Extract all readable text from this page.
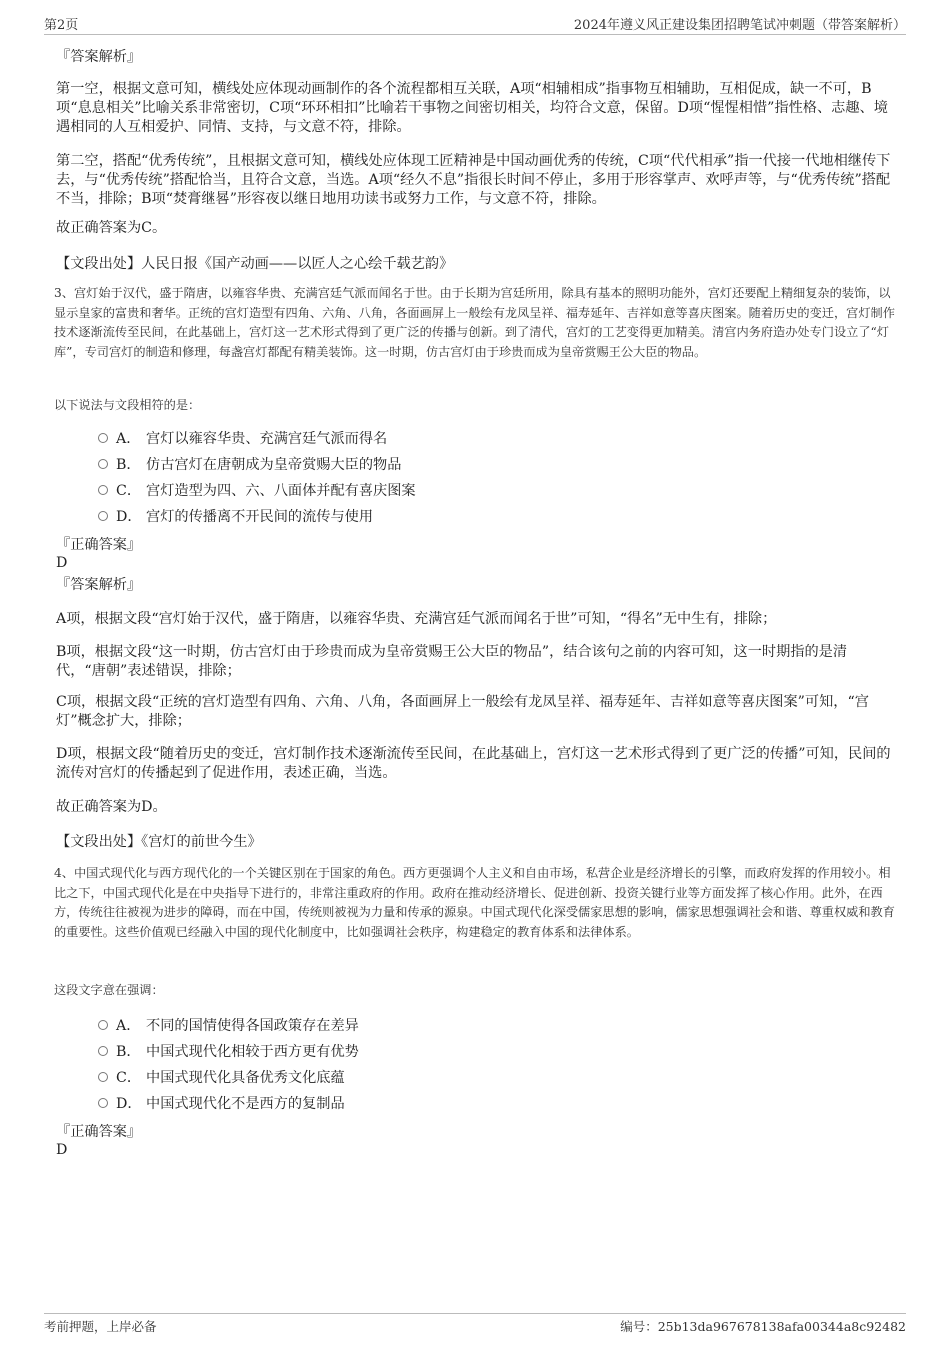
第2页	2024年遵义风正建设集团招聘笔试冲刺题（带答案解析）
『答案解析』
第一空，根据文意可知，横线处应体现动画制作的各个流程都相互关联，A项“相辅相成”指事物互相辅助，互相促成，缺一不可，B项“息息相关”比喻关系非常密切，C项“环环相扣”比喻若干事物之间密切相关，均符合文意，保留。D项“惺惺相惜”指性格、志趣、境遇相同的人互相爱护、同情、支持，与文意不符，排除。
第二空，搭配“优秀传统”，且根据文意可知，横线处应体现工匠精神是中国动画优秀的传统，C项“代代相承”指一代接一代地相继传下去，与“优秀传统”搭配恰当，且符合文意，当选。A项“经久不息”指很长时间不停止，多用于形容掌声、欢呼声等，与“优秀传统”搭配不当，排除；B项“焚膏继晷”形容夜以继日地用功读书或努力工作，与文意不符，排除。
故正确答案为C。
【文段出处】人民日报《国产动画——以匠人之心绘千载艺韵》
3、宫灯始于汉代，盛于隋唐，以雍容华贵、充满宫廷气派而闻名于世。由于长期为宫廷所用，除具有基本的照明功能外，宫灯还要配上精细复杂的装饰，以显示皇家的富贵和奢华。正统的宫灯造型有四角、六角、八角，各面画屏上一般绘有龙凤呈祥、福寿延年、吉祥如意等喜庆图案。随着历史的变迁，宫灯制作技术逐渐流传至民间，在此基础上，宫灯这一艺术形式得到了更广泛的传播与创新。到了清代，宫灯的工艺变得更加精美。清宫内务府造办处专门设立了“灯库”，专司宫灯的制造和修理，每盏宫灯都配有精美装饰。这一时期，仿古宫灯由于珍贵而成为皇帝赏赐王公大臣的物品。
以下说法与文段相符的是：
A． 宫灯以雍容华贵、充满宫廷气派而得名
B． 仿古宫灯在唐朝成为皇帝赏赐大臣的物品
C． 宫灯造型为四、六、八面体并配有喜庆图案
D． 宫灯的传播离不开民间的流传与使用
『正确答案』
D
『答案解析』
A项，根据文段“宫灯始于汉代，盛于隋唐，以雍容华贵、充满宫廷气派而闻名于世”可知，“得名”无中生有，排除；
B项，根据文段“这一时期，仿古宫灯由于珍贵而成为皇帝赏赐王公大臣的物品”，结合该句之前的内容可知，这一时期指的是清代，“唐朝”表述错误，排除；
C项，根据文段“正统的宫灯造型有四角、六角、八角，各面画屏上一般绘有龙凤呈祥、福寿延年、吉祥如意等喜庆图案”可知，“宫灯”概念扩大，排除；
D项，根据文段“随着历史的变迁，宫灯制作技术逐渐流传至民间，在此基础上，宫灯这一艺术形式得到了更广泛的传播”可知，民间的流传对宫灯的传播起到了促进作用，表述正确，当选。
故正确答案为D。
【文段出处】《宫灯的前世今生》
4、中国式现代化与西方现代化的一个关键区别在于国家的角色。西方更强调个人主义和自由市场，私营企业是经济增长的引擎，而政府发挥的作用较小。相比之下，中国式现代化是在中央指导下进行的，非常注重政府的作用。政府在推动经济增长、促进创新、投资关键行业等方面发挥了核心作用。此外，在西方，传统往往被视为进步的障碍，而在中国，传统则被视为力量和传承的源泉。中国式现代化深受儒家思想的影响，儒家思想强调社会和谐、尊重权威和教育的重要性。这些价值观已经融入中国的现代化制度中，比如强调社会秩序，构建稳定的教育体系和法律体系。
这段文字意在强调：
A． 不同的国情使得各国政策存在差异
B． 中国式现代化相较于西方更有优势
C． 中国式现代化具备优秀文化底蕴
D． 中国式现代化不是西方的复制品
『正确答案』
D
考前押题，上岸必备	编号：25b13da967678138afa00344a8c92482
